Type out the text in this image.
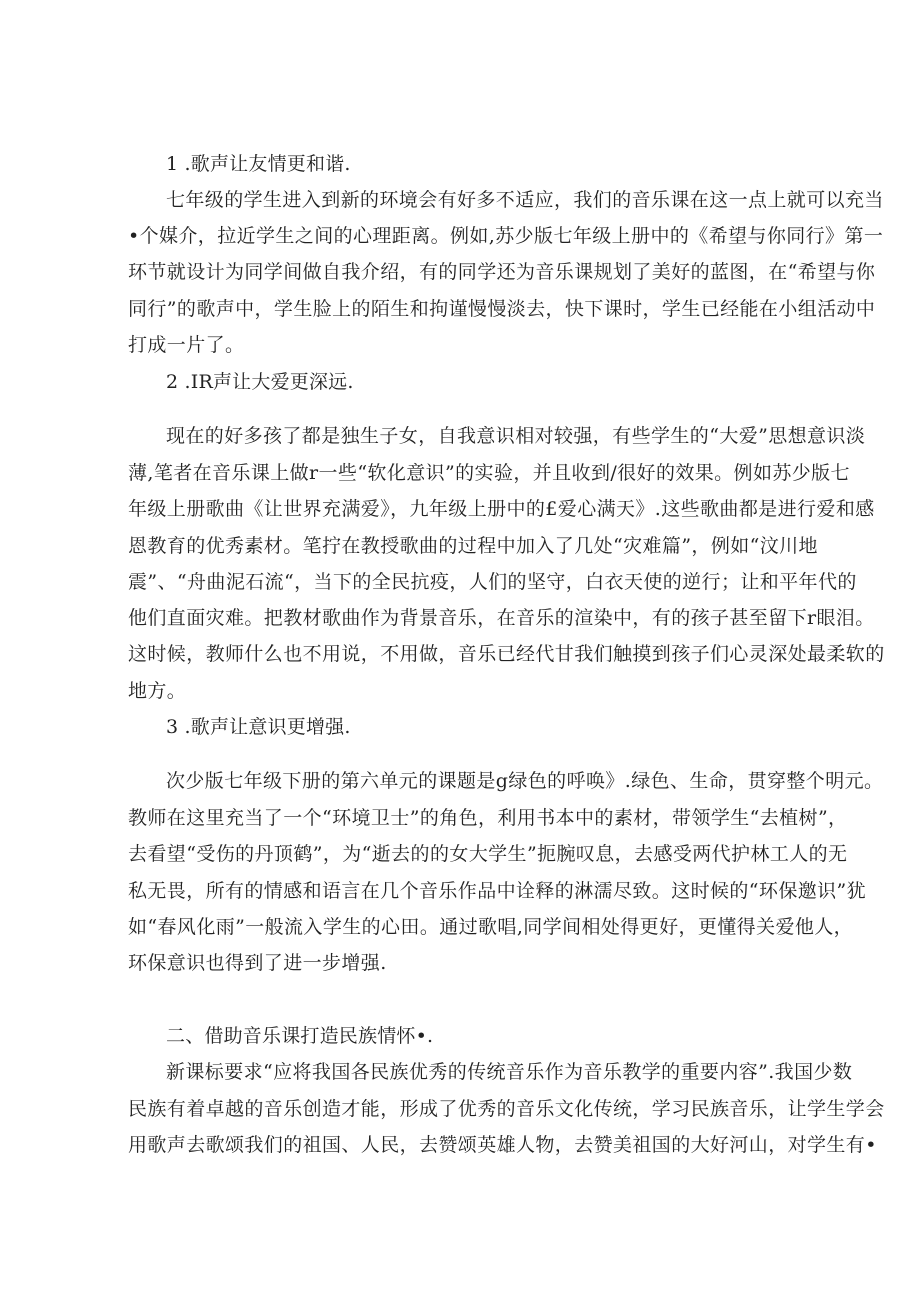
1 .歌声让友情更和谐.
七年级的学生进入到新的环境会有好多不适应，我们的音乐课在这一点上就可以充当
•个媒介，拉近学生之间的心理距离。例如,苏少版七年级上册中的《希望与你同行》第一
环节就设计为同学间做自我介绍，有的同学还为音乐课规划了美好的蓝图，在“希望与你
同行”的歌声中，学生脸上的陌生和拘谨慢慢淡去，快下课时，学生已经能在小组活动中
打成一片了。
2 .IR声让大爱更深远.
现在的好多孩了都是独生子女，自我意识相对较强，有些学生的“大爱”思想意识淡
薄,笔者在音乐课上做r一些“软化意识”的实验，并且收到/很好的效果。例如苏少版七
年级上册歌曲《让世界充满爱》，九年级上册中的£爱心满天》.这些歌曲都是进行爱和感
恩教育的优秀素材。笔拧在教授歌曲的过程中加入了几处“灾难篇”，例如“汶川地
震”、“舟曲泥石流“，当下的全民抗疫，人们的坚守，白衣天使的逆行；让和平年代的
他们直面灾难。把教材歌曲作为背景音乐，在音乐的渲染中，有的孩子甚至留下r眼泪。
这时候，教师什么也不用说，不用做，音乐已经代甘我们触摸到孩子们心灵深处最柔软的
地方。
3 .歌声让意识更增强.
次少版七年级下册的第六单元的课题是g绿色的呼唤》.绿色、生命，贯穿整个明元。
教师在这里充当了一个“环境卫士”的角色，利用书本中的素材，带领学生“去植树”，
去看望“受伤的丹顶鹤”，为“逝去的的女大学生”扼腕叹息，去感受两代护林工人的无
私无畏，所有的情感和语言在几个音乐作品中诠释的淋濡尽致。这时候的“环保邀识”犹
如“春风化雨”一般流入学生的心田。通过歌唱,同学间相处得更好，更懂得关爱他人，
环保意识也得到了进一步增强.
二、借助音乐课打造民族情怀•.
新课标要求“应将我国各民族优秀的传统音乐作为音乐教学的重要内容”.我国少数
民族有着卓越的音乐创造才能，形成了优秀的音乐文化传统，学习民族音乐，让学生学会
用歌声去歌颂我们的祖国、人民，去赞颂英雄人物，去赞美祖国的大好河山，对学生有•
